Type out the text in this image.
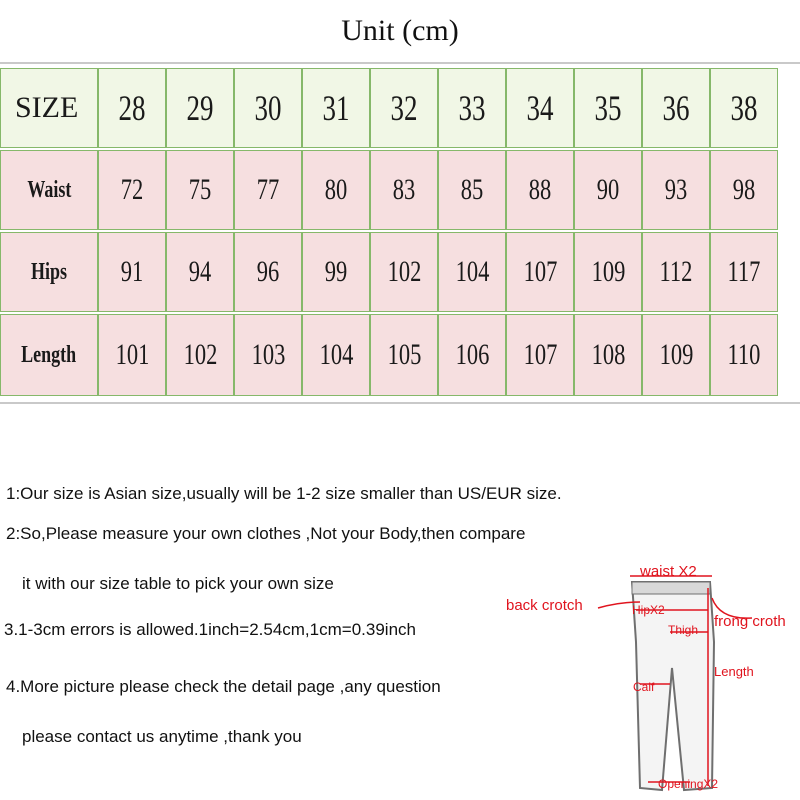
Unit (cm)
SIZE 28 29 30 31 32 33 34 35 36 38
Waist 72 75 77 80 83 85 88 90 93 98
Hips 91 94 96 99 102 104 107 109 112 117
Length 101 102 103 104 105 106 107 108 109 110

1:Our size is Asian size,usually will be 1-2 size smaller than US/EUR size.

2:So,Please measure your own clothes ,Not your Body,then compare

it with our size table to pick your own size

3.1-3cm errors is allowed.1inch=2.54cm,1cm=0.39inch

4.More picture please check the detail page ,any question

please contact us anytime ,thank you

waist X2
back crotch	HipX2
Thigh frong croth
Length
Calf
OpeningX2
